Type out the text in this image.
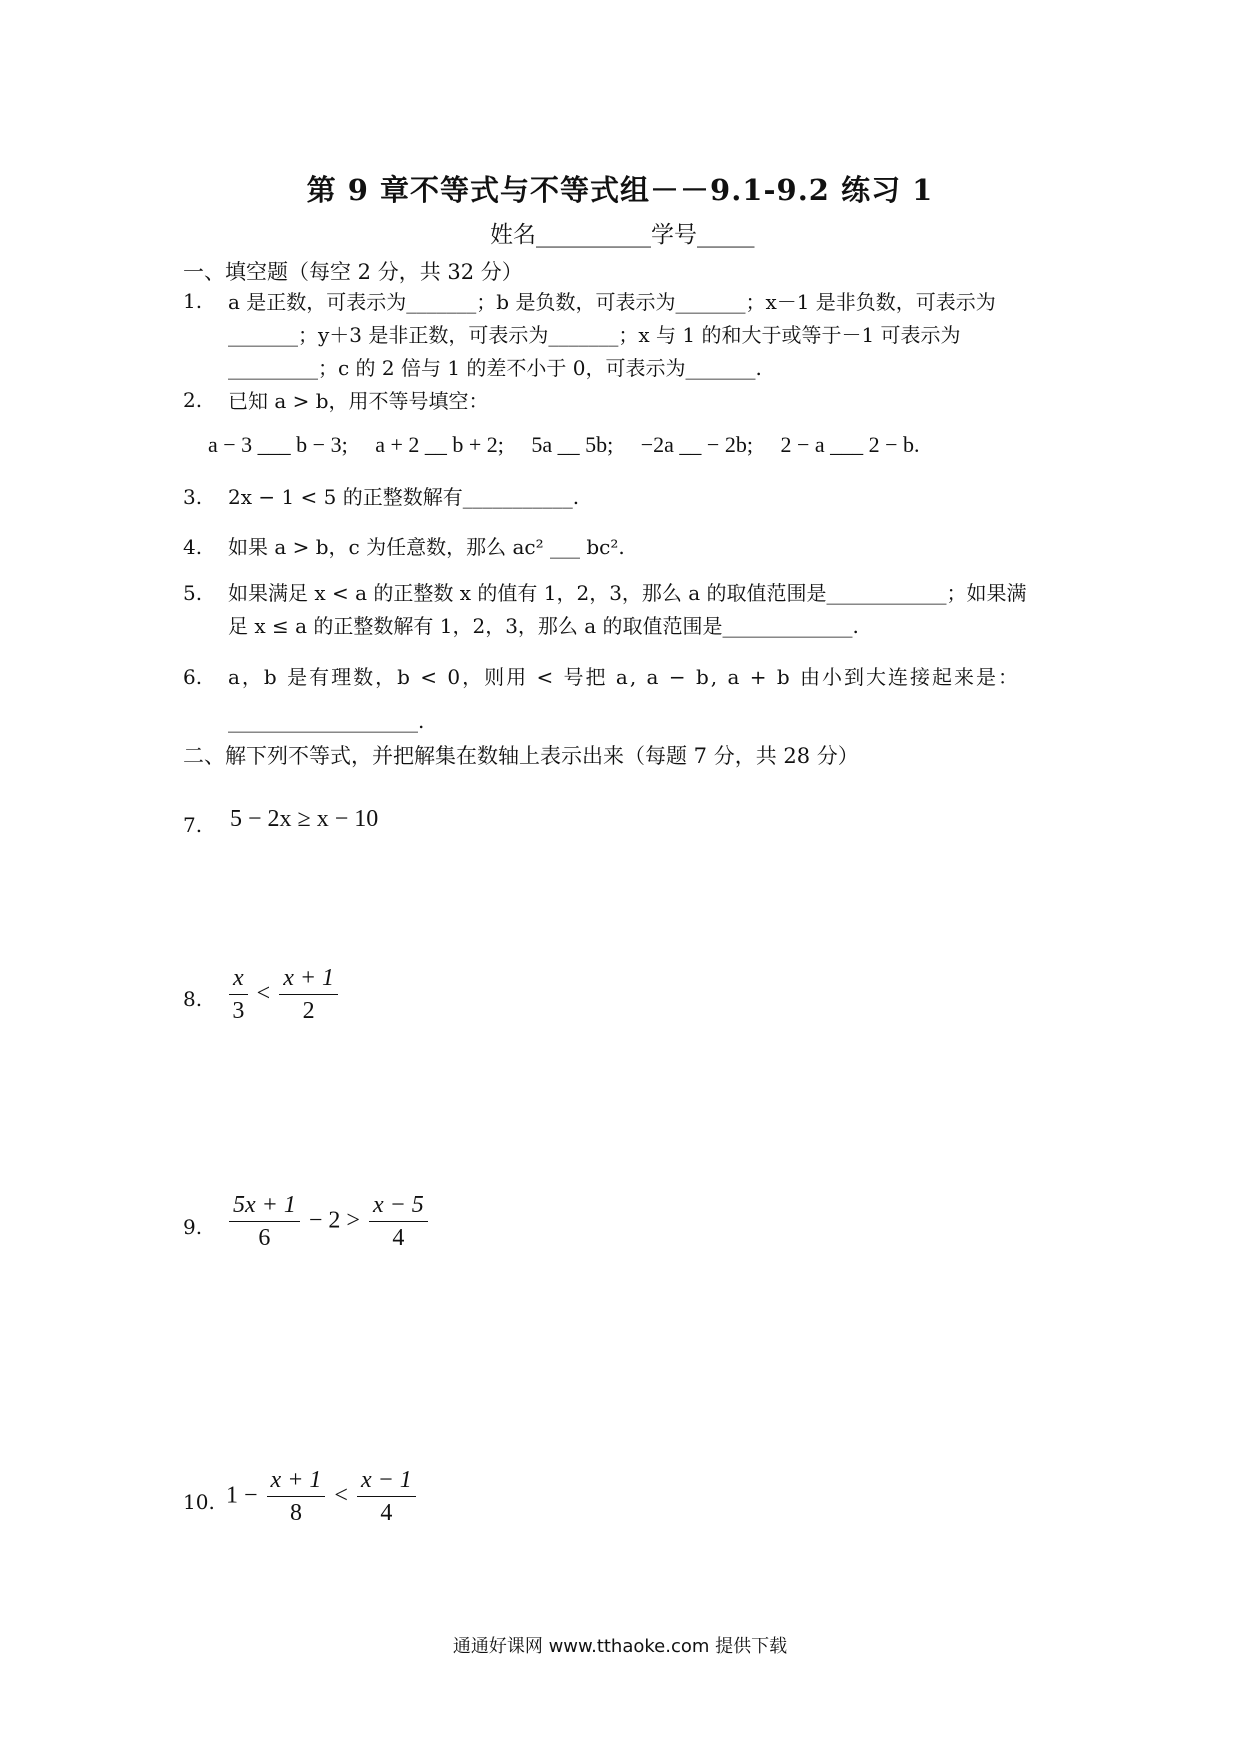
第 9 章不等式与不等式组－－9.1-9.2 练习 1
姓名__________学号_____
一、填空题（每空 2 分，共 32 分）
1. a 是正数，可表示为_______；b 是负数，可表示为_______；x－1 是非负数，可表示为
_______；y＋3 是非正数，可表示为_______；x 与 1 的和大于或等于－1 可表示为
_________；c 的 2 倍与 1 的差不小于 0，可表示为_______.
2. 已知 a > b，用不等号填空：
a − 3 ___ b − 3;　 a + 2 __ b + 2;　 5a __ 5b;　 −2a __ − 2b;　 2 − a ___ 2 − b.
3. 2x − 1 < 5 的正整数解有___________.
4. 如果 a > b，c 为任意数，那么 ac² ___ bc².
5. 如果满足 x < a 的正整数 x 的值有 1，2，3，那么 a 的取值范围是____________；如果满
足 x ≤ a 的正整数解有 1，2，3，那么 a 的取值范围是_____________.
6. a，b 是有理数，b < 0，则用 < 号把 a, a − b, a + b 由小到大连接起来是：
___________________.
二、解下列不等式，并把解集在数轴上表示出来（每题 7 分，共 28 分）
7. 5 − 2x ≥ x − 10
8. $\frac{x}{3} < \frac{x + 1}{2}$
9. $\frac{5x + 1}{6} - 2 > \frac{x - 5}{4}$
10. $1 - \frac{x + 1}{8} < \frac{x - 1}{4}$
通通好课网 www.tthaoke.com 提供下载
